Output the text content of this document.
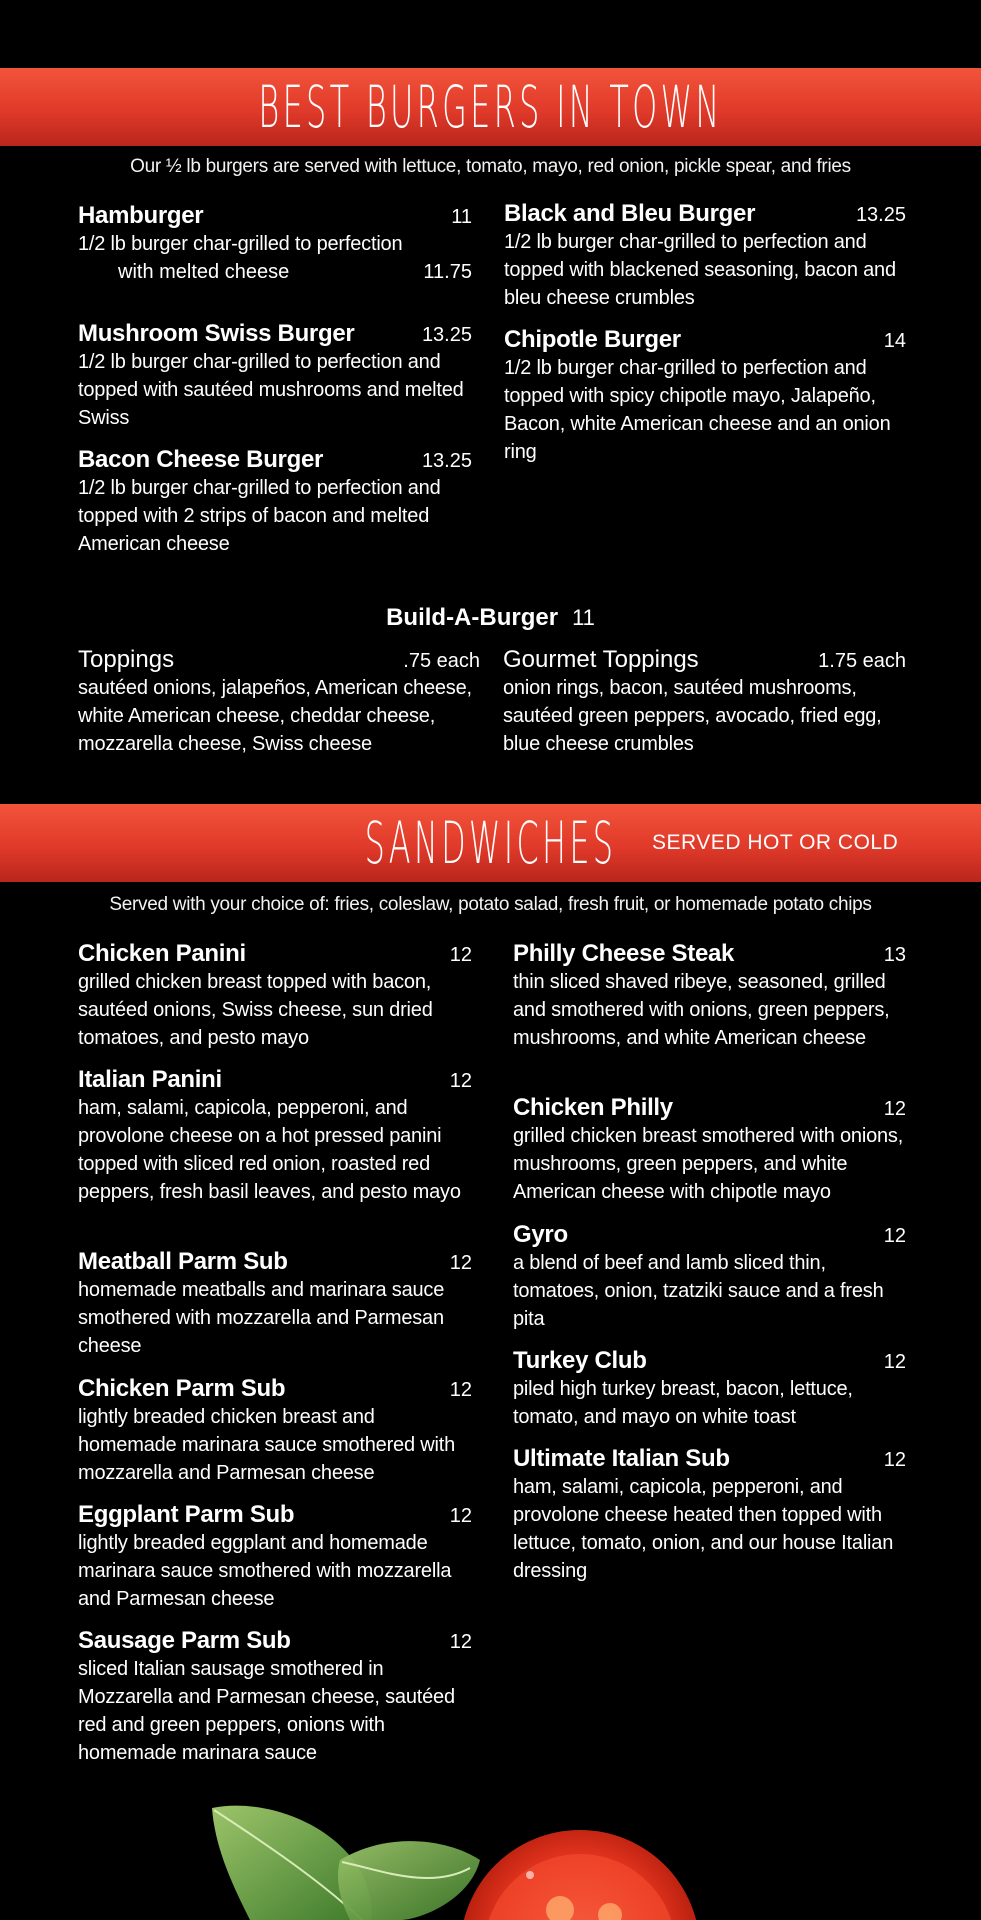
BEST BURGERS IN TOWN
Our ½ lb burgers are served with lettuce, tomato, mayo, red onion, pickle spear, and fries
Hamburger	11
1/2 lb burger char-grilled to perfection
with melted cheese	11.75
Mushroom Swiss Burger	13.25
1/2 lb burger char-grilled to perfection and topped with sautéed mushrooms and melted Swiss
Bacon Cheese Burger	13.25
1/2 lb burger char-grilled to perfection and topped with 2 strips of bacon and melted American cheese
Black and Bleu Burger	13.25
1/2 lb burger char-grilled to perfection and topped with blackened seasoning, bacon and bleu cheese crumbles
Chipotle Burger	14
1/2 lb burger char-grilled to perfection and topped with spicy chipotle mayo, Jalapeño, Bacon, white American cheese and an onion ring
Build-A-Burger 11
Toppings	.75 each
sautéed onions, jalapeños, American cheese, white American cheese, cheddar cheese, mozzarella cheese, Swiss cheese
Gourmet Toppings	1.75 each
onion rings, bacon, sautéed mushrooms, sautéed green peppers, avocado, fried egg, blue cheese crumbles
SANDWICHES	SERVED HOT OR COLD
Served with your choice of: fries, coleslaw, potato salad, fresh fruit, or homemade potato chips
Chicken Panini	12
grilled chicken breast topped with bacon, sautéed onions, Swiss cheese, sun dried tomatoes, and pesto mayo
Italian Panini	12
ham, salami, capicola, pepperoni, and provolone cheese on a hot pressed panini topped with sliced red onion, roasted red peppers, fresh basil leaves, and pesto mayo
Meatball Parm Sub	12
homemade meatballs and marinara sauce smothered with mozzarella and Parmesan cheese
Chicken Parm Sub	12
lightly breaded chicken breast and homemade marinara sauce smothered with mozzarella and Parmesan cheese
Eggplant Parm Sub	12
lightly breaded eggplant and homemade marinara sauce smothered with mozzarella and Parmesan cheese
Sausage Parm Sub	12
sliced Italian sausage smothered in Mozzarella and Parmesan cheese, sautéed red and green peppers, onions with homemade marinara sauce
Philly Cheese Steak	13
thin sliced shaved ribeye, seasoned, grilled and smothered with onions, green peppers, mushrooms, and white American cheese
Chicken Philly	12
grilled chicken breast smothered with onions, mushrooms, green peppers, and white American cheese with chipotle mayo
Gyro	12
a blend of beef and lamb sliced thin, tomatoes, onion, tzatziki sauce and a fresh pita
Turkey Club	12
piled high turkey breast, bacon, lettuce, tomato, and mayo on white toast
Ultimate Italian Sub	12
ham, salami, capicola, pepperoni, and provolone cheese heated then topped with lettuce, tomato, onion, and our house Italian dressing
